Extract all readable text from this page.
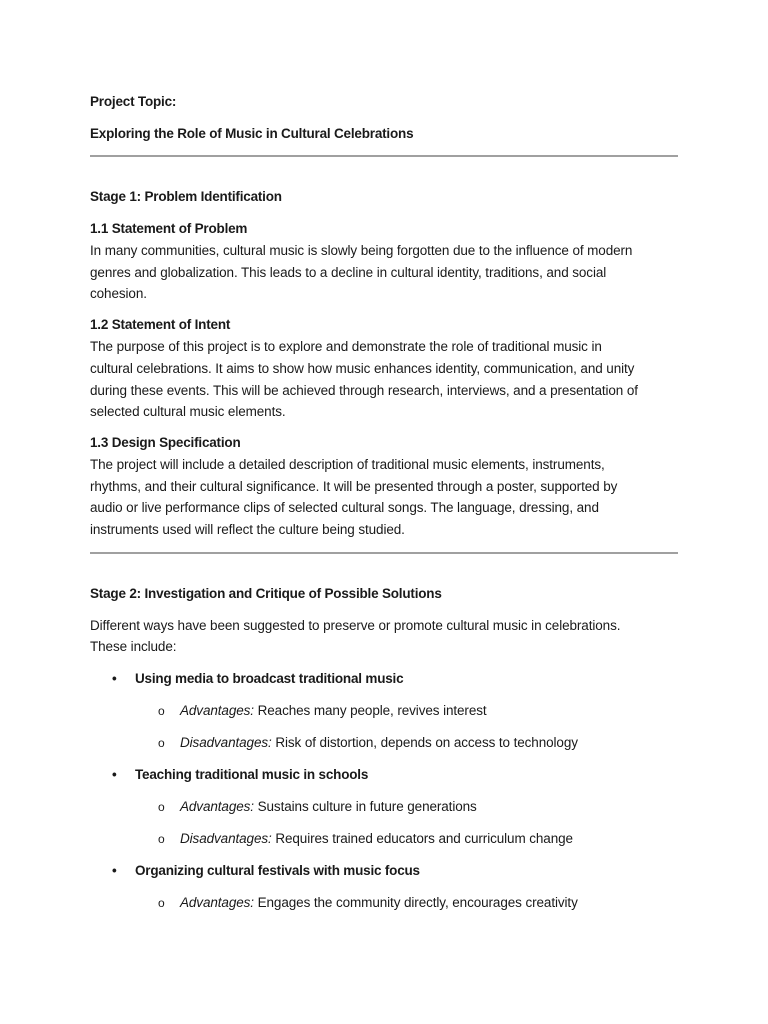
Project Topic:

Exploring the Role of Music in Cultural Celebrations

Stage 1: Problem Identification

1.1 Statement of Problem

In many communities, cultural music is slowly being forgotten due to the influence of modern

genres and globalization. This leads to a decline in cultural identity, traditions, and social

cohesion.

1.2 Statement of Intent

The purpose of this project is to explore and demonstrate the role of traditional music in

cultural celebrations. It aims to show how music enhances identity, communication, and unity

during these events. This will be achieved through research, interviews, and a presentation of

selected cultural music elements.

1.3 Design Specification

The project will include a detailed description of traditional music elements, instruments,

rhythms, and their cultural significance. It will be presented through a poster, supported by

audio or live performance clips of selected cultural songs. The language, dressing, and

instruments used will reflect the culture being studied.

Stage 2: Investigation and Critique of Possible Solutions

Different ways have been suggested to preserve or promote cultural music in celebrations.

These include:

• Using media to broadcast traditional music
o Advantages: Reaches many people, revives interest
o Disadvantages: Risk of distortion, depends on access to technology
• Teaching traditional music in schools
o Advantages: Sustains culture in future generations
o Disadvantages: Requires trained educators and curriculum change
• Organizing cultural festivals with music focus
o Advantages: Engages the community directly, encourages creativity
